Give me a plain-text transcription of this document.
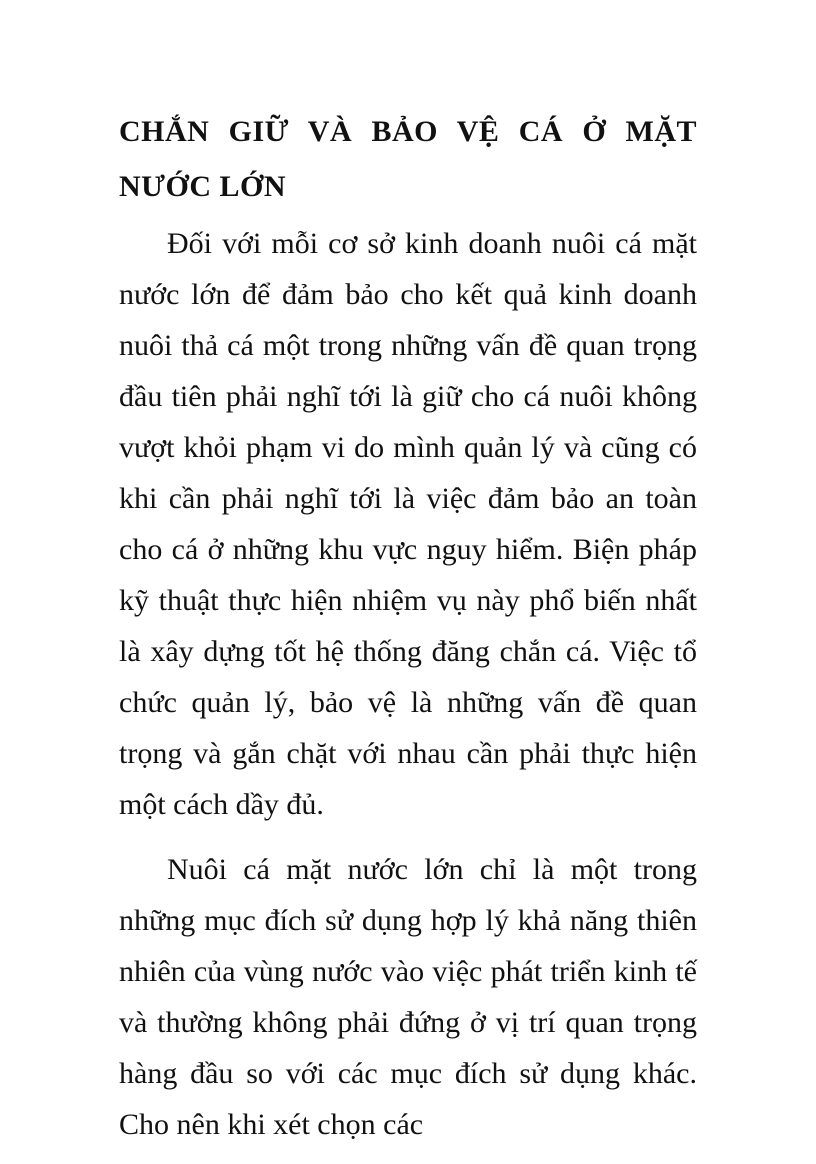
CHẮN GIỮ VÀ BẢO VỆ CÁ Ở MẶT NƯỚC LỚN

Đối với mỗi cơ sở kinh doanh nuôi cá mặt nước lớn để đảm bảo cho kết quả kinh doanh nuôi thả cá một trong những vấn đề quan trọng đầu tiên phải nghĩ tới là giữ cho cá nuôi không vượt khỏi phạm vi do mình quản lý và cũng có khi cần phải nghĩ tới là việc đảm bảo an toàn cho cá ở những khu vực nguy hiểm. Biện pháp kỹ thuật thực hiện nhiệm vụ này phổ biến nhất là xây dựng tốt hệ thống đăng chắn cá. Việc tổ chức quản lý, bảo vệ là những vấn đề quan trọng và gắn chặt với nhau cần phải thực hiện một cách dầy đủ.

Nuôi cá mặt nước lớn chỉ là một trong những mục đích sử dụng hợp lý khả năng thiên nhiên của vùng nước vào việc phát triển kinh tế và thường không phải đứng ở vị trí quan trọng hàng đầu so với các mục đích sử dụng khác. Cho nên khi xét chọn các
